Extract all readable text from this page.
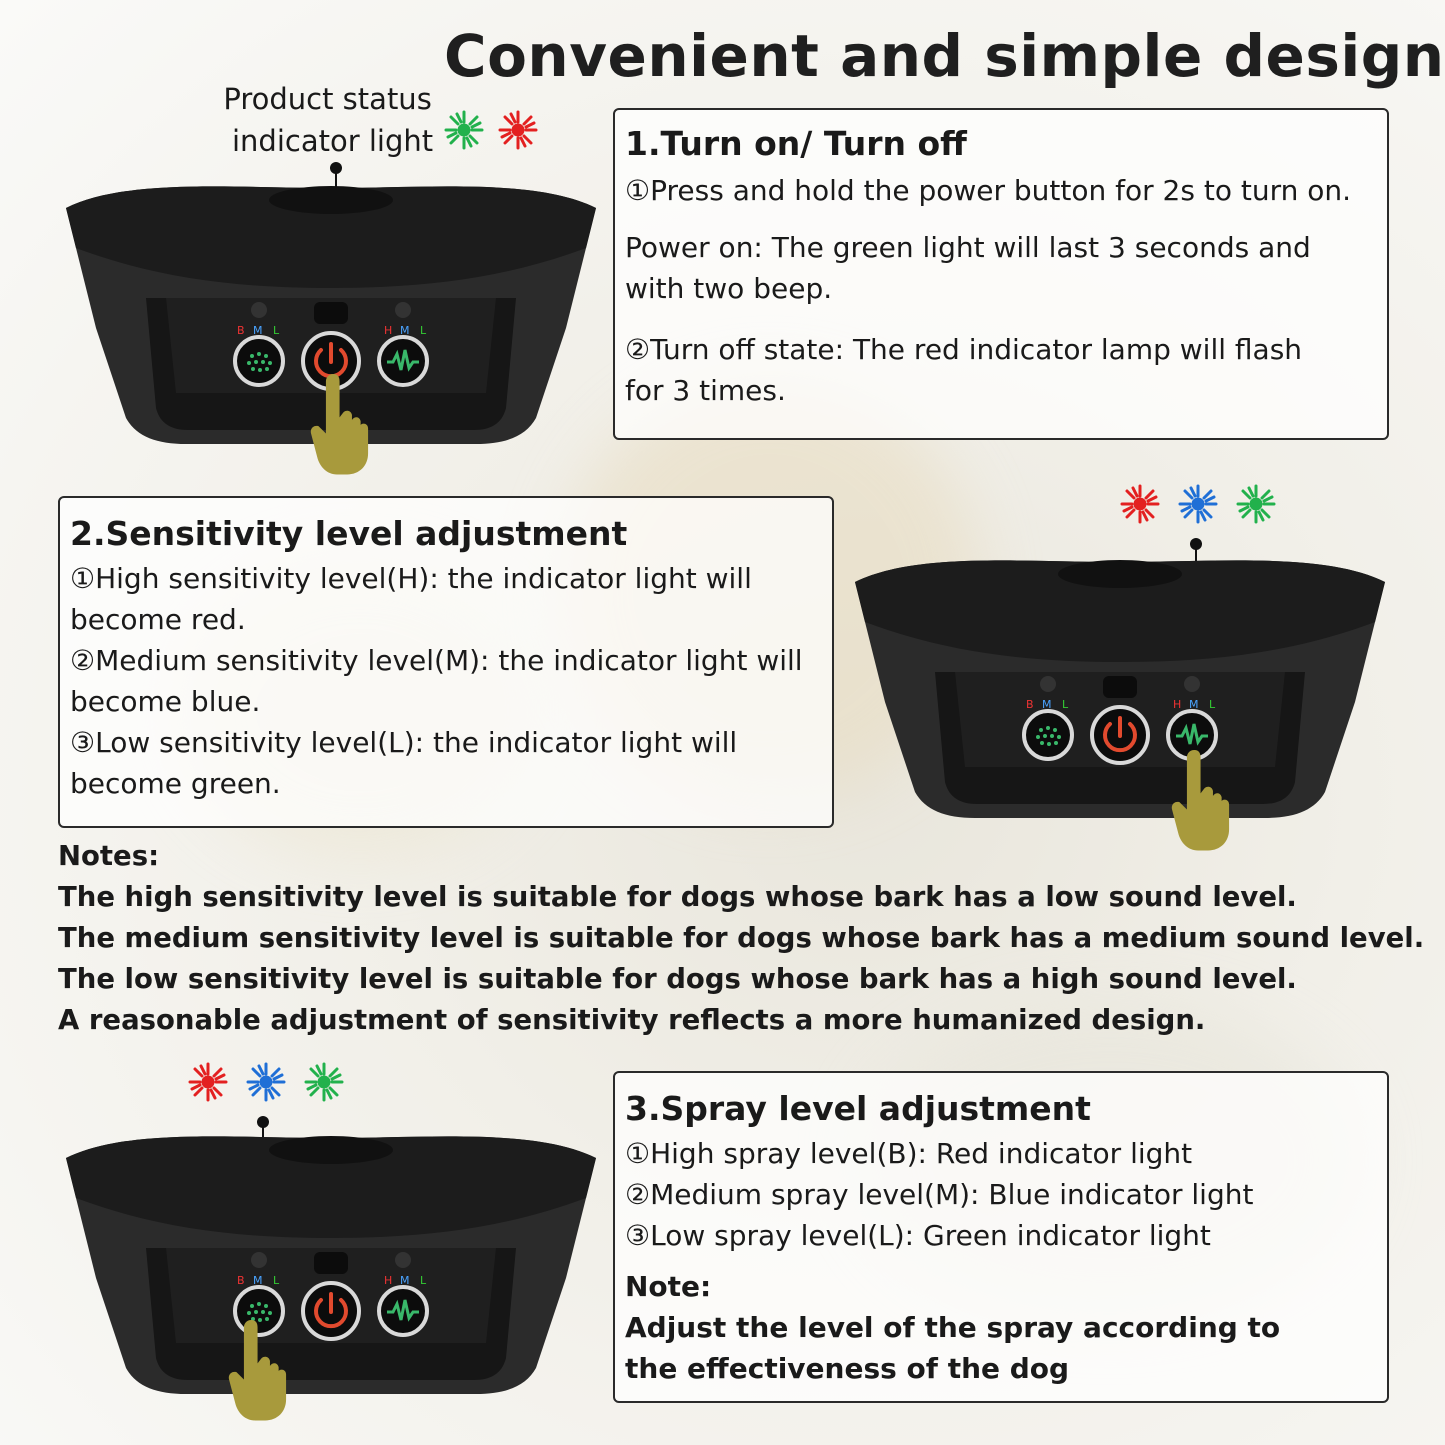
Convenient and simple design
Product status
indicator light
B M L	H M L
1.Turn on/ Turn off

①Press and hold the power button for 2s to turn on.

Power on: The green light will last 3 seconds and with two beep.

②Turn off state: The red indicator lamp will flash for 3 times.

2.Sensitivity level adjustment

①High sensitivity level(H): the indicator light will become red.

②Medium sensitivity level(M): the indicator light will become blue.

③Low sensitivity level(L): the indicator light will become green.

B M L	H M L
Notes:
The high sensitivity level is suitable for dogs whose bark has a low sound level.
The medium sensitivity level is suitable for dogs whose bark has a medium sound level.
The low sensitivity level is suitable for dogs whose bark has a high sound level.
A reasonable adjustment of sensitivity reflects a more humanized design.
B M L	H M L
3.Spray level adjustment

①High spray level(B): Red indicator light

②Medium spray level(M): Blue indicator light

③Low spray level(L): Green indicator light

Note:

Adjust the level of the spray according to the effectiveness of the dog
